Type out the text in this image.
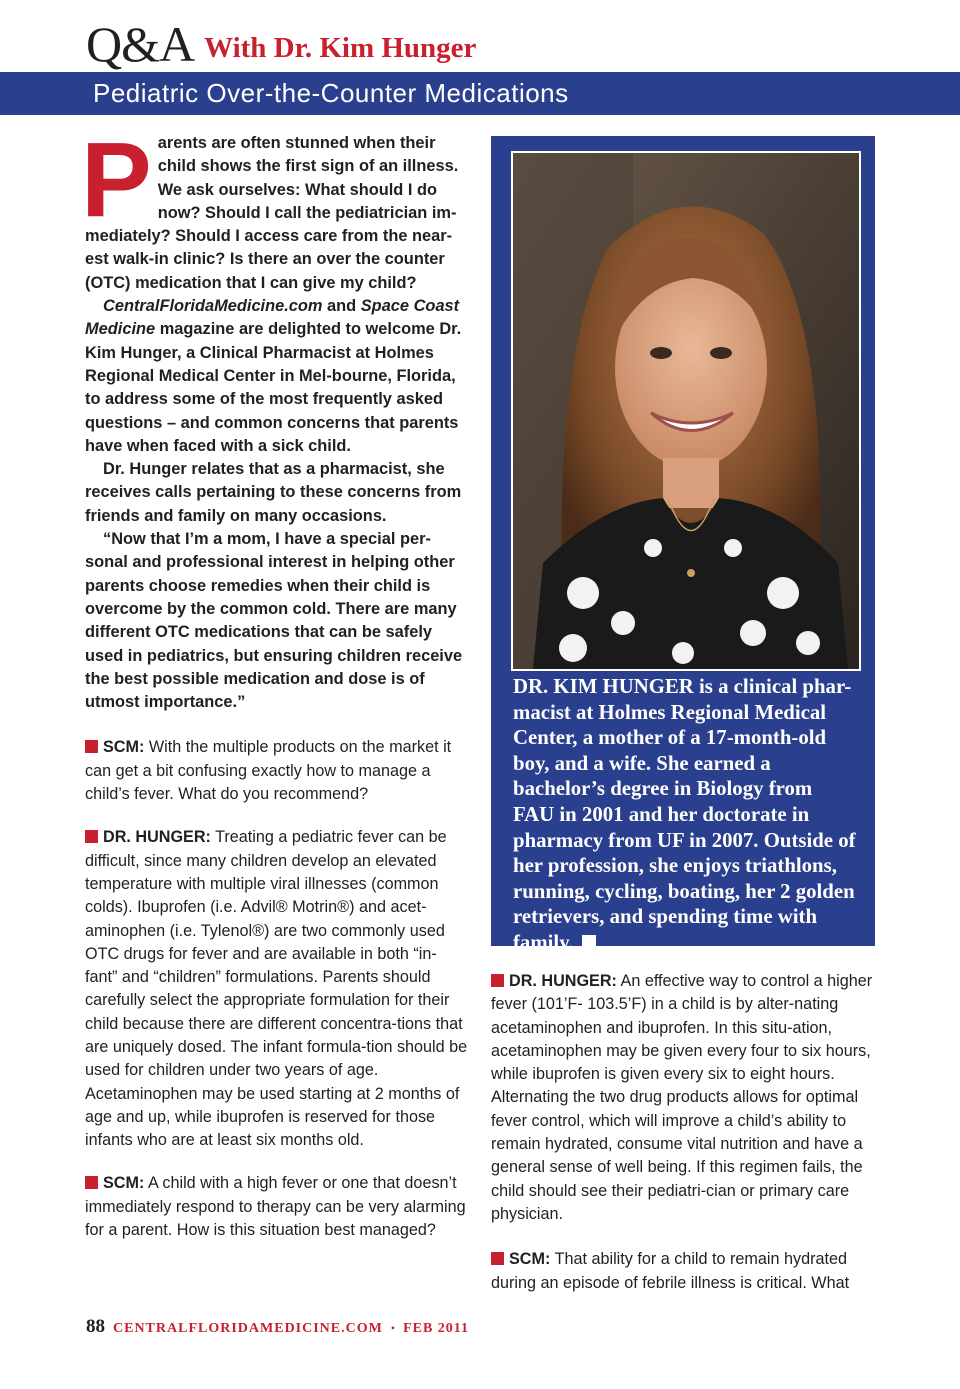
Q&A With Dr. Kim Hunger
Pediatric Over-the-Counter Medications

Parents are often stunned when their child shows the first sign of an illness. We ask ourselves: What should I do now? Should I call the pediatrician im-mediately? Should I access care from the near-est walk-in clinic? Is there an over the counter (OTC) medication that I can give my child?

CentralFloridaMedicine.com and Space Coast Medicine magazine are delighted to welcome Dr. Kim Hunger, a Clinical Pharmacist at Holmes Regional Medical Center in Mel-bourne, Florida, to address some of the most frequently asked questions – and common concerns that parents have when faced with a sick child.

Dr. Hunger relates that as a pharmacist, she receives calls pertaining to these concerns from friends and family on many occasions.

“Now that I’m a mom, I have a special per-sonal and professional interest in helping other parents choose remedies when their child is overcome by the common cold. There are many different OTC medications that can be safely used in pediatrics, but ensuring children receive the best possible medication and dose is of utmost importance.”

SCM: With the multiple products on the market it can get a bit confusing exactly how to manage a child’s fever. What do you recommend?

DR. HUNGER: Treating a pediatric fever can be difficult, since many children develop an elevated temperature with multiple viral illnesses (common colds). Ibuprofen (i.e. Advil® Motrin®) and acet-aminophen (i.e. Tylenol®) are two commonly used OTC drugs for fever and are available in both “in-fant” and “children” formulations. Parents should carefully select the appropriate formulation for their child because there are different concentra-tions that are uniquely dosed. The infant formula-tion should be used for children under two years of age. Acetaminophen may be used starting at 2 months of age and up, while ibuprofen is reserved for those infants who are at least six months old.

SCM: A child with a high fever or one that doesn’t immediately respond to therapy can be very alarming for a parent. How is this situation best managed?

DR. KIM HUNGER is a clinical phar-macist at Holmes Regional Medical Center, a mother of a 17-month-old boy, and a wife. She earned a bachelor’s degree in Biology from FAU in 2001 and her doctorate in pharmacy from UF in 2007. Outside of her profession, she enjoys triathlons, running, cycling, boating, her 2 golden retrievers, and spending time with family.

DR. HUNGER: An effective way to control a higher fever (101’F- 103.5’F) in a child is by alter-nating acetaminophen and ibuprofen. In this situ-ation, acetaminophen may be given every four to six hours, while ibuprofen is given every six to eight hours. Alternating the two drug products allows for optimal fever control, which will improve a child’s ability to remain hydrated, consume vital nutrition and have a general sense of well being. If this regimen fails, the child should see their pediatri-cian or primary care physician.

SCM: That ability for a child to remain hydrated during an episode of febrile illness is critical. What

88 CENTRALFLORIDAMEDICINE.COM • FEB 2011
